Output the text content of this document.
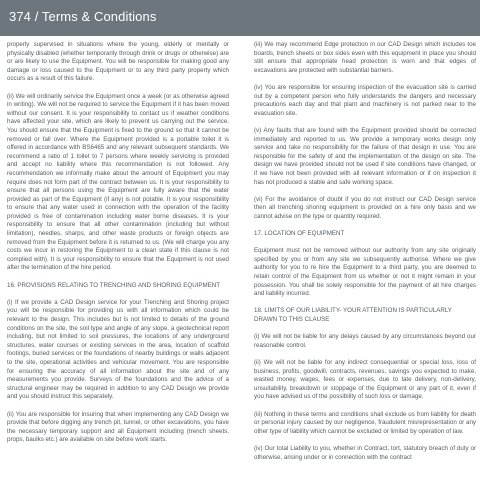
374 / Terms & Conditions

properly supervised in situations where the young, elderly or mentally or physically disabled (whether temporarily through drink or drugs or otherwise) are or are likely to use the Equipment. You will be responsible for making good any damage or loss caused to the Equipment or to any third party property which occurs as a result of this failure.

(ii) We will ordinarily service the Equipment once a week (or as otherwise agreed in writing). We will not be required to service the Equipment if it has been moved without our consent. It is your responsibility to contact us if weather conditions have affected your site, which are likely to prevent us carrying out the service. You should ensure that the Equipment is fixed to the ground so that it cannot be removed or fall over. Where the Equipment provided is a portable toilet it is offered in accordance with BS6465 and any relevant subsequent standards. We recommend a ratio of 1 toilet to 7 persons where weekly servicing is provided and accept no liability where this recommendation is not followed. Any recommendation we informally make about the amount of Equipment you may require does not form part of the contract between us. It is your responsibility to ensure that all persons using the Equipment are fully aware that the water provided as part of the Equipment (if any) is not potable. It is your responsibility to ensure that any water used in connection with the operation of the facility provided is free of contamination including water borne diseases. It is your responsibility to ensure that all other contamination (including but without limitation), needles, sharps, and other waste products or foreign objects are removed from the Equipment before it is returned to us. (We will charge you any costs we incur in restoring the Equipment to a clean state if this clause is not complied with). It is your responsibility to ensure that the Equipment is not used after the termination of the hire period.

16. PROVISIONS RELATING TO TRENCHING AND SHORING EQUIPMENT

(i) If we provide a CAD Design service for your Trenching and Shoring project you will be responsible for providing us with all information which could be relevant to the design. This includes but is not limited to details of the ground conditions on the site, the soil type and angle of any slope, a geotechnical report including, but not limited to soil pressures, the locations of any underground structures, water courses or existing services in the area, location of scaffold footings, buried services or the foundations of nearby buildings or walls adjacent to the site, operational activities and vehicular movement. You are responsible for ensuring the accuracy of all information about the site and of any measurements you provide. Surveys of the foundations and the advice of a structural engineer may be required in addition to any CAD Design we provide and you should instruct this separately.

(ii) You are responsible for insuring that when implementing any CAD Design we provide that before digging any trench pit, tunnel, or other excavations, you have the necessary temporary support and all Equipment including (trench sheets, props, baulks etc.) are available on site before work starts.

(iii) We may recommend Edge protection in our CAD Design which includes toe boards, trench sheets or box sides even with this equipment in place you should still ensure that appropriate head protection is worn and that edges of excavations are protected with substantial barriers.

(iv) You are responsible for ensuring inspection of the evacuation site is carried out by a competent person who fully understands the dangers and necessary precautions each day and that plant and machinery is not parked near to the evacuation site.

(v) Any faults that are found with the Equipment provided should be corrected immediately and reported to us. We provide a temporary works design only service and take no responsibility for the failure of that design in use. You are responsible for the safety of and the implementation of the design on site. The design we have provided should not be used if site conditions have changed, or if we have not been provided with all relevant information or if on inspection it has not produced a stable and safe working space.

(vi) For the avoidance of doubt if you do not instruct our CAD Design service then all trenching shoring equipment is provided on a hire only basis and we cannot advise on the type or quantity required.

17. LOCATION OF EQUIPMENT

Equipment must not be removed without our authority from any site originally specified by you or from any site we subsequently authorise. Where we give authority for you to re hire the Equipment to a third party, you are deemed to retain control of the Equipment from us whether or not it might remain in your possession. You shall be solely responsible for the payment of all hire charges and liability incurred.

18. LIMITS OF OUR LIABILITY- YOUR ATTENTION IS PARTICULARLY DRAWN TO THIS CLAUSE

(i) We will not be liable for any delays caused by any circumstances beyond our reasonable control.

(ii) We will not be liable for any indirect consequential or special loss, loss of business, profits, goodwill, contracts, revenues, savings you expected to make, wasted money, wages, fees or expenses, due to late delivery, non-delivery, unsuitability, breakdown or stoppage of the Equipment or any part of it, even if you have advised us of the possibility of such loss or damage.

(iii) Nothing in these terms and conditions shall exclude us from liability for death or personal injury caused by our negligence, fraudulent misrepresentation or any other type of liability which cannot be excluded or limited by operation of law.

(iv) Our total Liability to you, whether in Contract, tort, statutory breach of duty or otherwise, arising under or in connection with the contract
